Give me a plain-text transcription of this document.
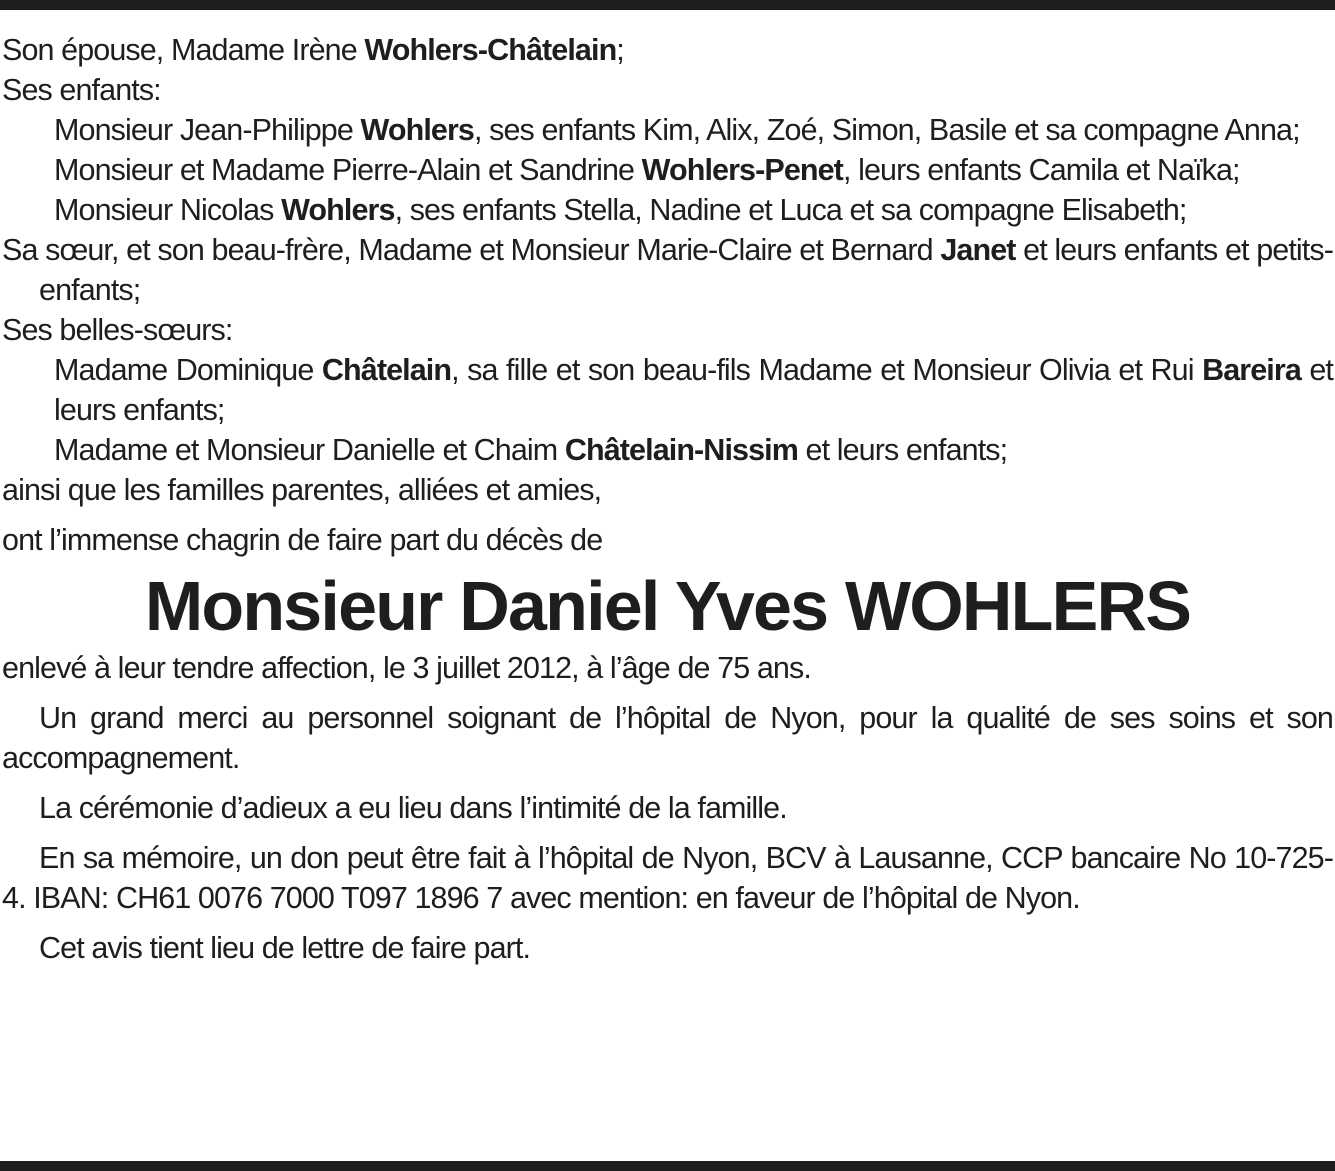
Son épouse, Madame Irène Wohlers-Châtelain;
Ses enfants:
Monsieur Jean-Philippe Wohlers, ses enfants Kim, Alix, Zoé, Simon, Basile et sa compagne Anna;
Monsieur et Madame Pierre-Alain et Sandrine Wohlers-Penet, leurs enfants Camila et Naïka;
Monsieur Nicolas Wohlers, ses enfants Stella, Nadine et Luca et sa compagne Elisabeth;
Sa sœur, et son beau-frère, Madame et Monsieur Marie-Claire et Bernard Janet et leurs enfants et petits-enfants;
Ses belles-sœurs:
Madame Dominique Châtelain, sa fille et son beau-fils Madame et Monsieur Olivia et Rui Bareira et leurs enfants;
Madame et Monsieur Danielle et Chaim Châtelain-Nissim et leurs enfants;
ainsi que les familles parentes, alliées et amies,
ont l’immense chagrin de faire part du décès de
Monsieur Daniel Yves WOHLERS
enlevé à leur tendre affection, le 3 juillet 2012, à l’âge de 75 ans.
Un grand merci au personnel soignant de l’hôpital de Nyon, pour la qualité de ses soins et son accompagnement.
La cérémonie d’adieux a eu lieu dans l’intimité de la famille.
En sa mémoire, un don peut être fait à l’hôpital de Nyon, BCV à Lausanne, CCP bancaire No 10-725-4. IBAN: CH61 0076 7000 T097 1896 7 avec mention: en faveur de l’hôpital de Nyon.
Cet avis tient lieu de lettre de faire part.
